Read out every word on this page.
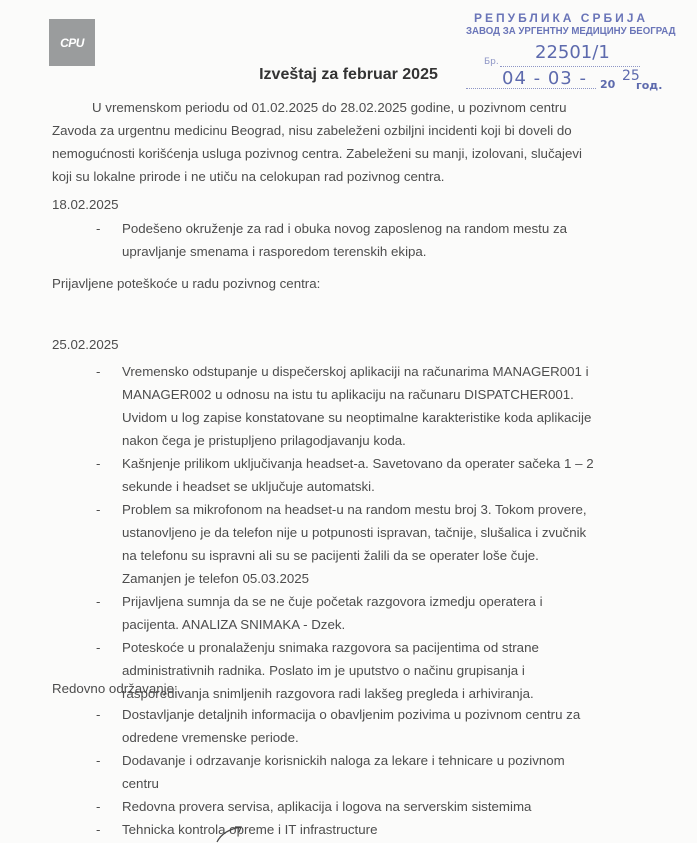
CPU
РЕПУБЛИКА СРБИЈА
ЗАВОД ЗА УРГЕНТНУ МЕДИЦИНУ БЕОГРАД
Бр. 22501/1
04 - 03 - 20
25
год.
Izveštaj za februar 2025

U vremenskom periodu od 01.02.2025 do 28.02.2025 godine, u pozivnom centru

Zavoda za urgentnu medicinu Beograd, nisu zabeleženi ozbiljni incidenti koji bi doveli do

nemogućnosti korišćenja usluga pozivnog centra. Zabeleženi su manji, izolovani, slučajevi

koji su lokalne prirode i ne utiču na celokupan rad pozivnog centra.

18.02.2025
- Podešeno okruženje za rad i obuka novog zaposlenog na random mestu za
upravljanje smenama i rasporedom terenskih ekipa.
Prijavljene poteškoće u radu pozivnog centra:
25.02.2025
- Vremensko odstupanje u dispečerskoj aplikaciji na računarima MANAGER001 i
MANAGER002 u odnosu na istu tu aplikaciju na računaru DISPATCHER001.
Uvidom u log zapise konstatovane su neoptimalne karakteristike koda aplikacije
nakon čega je pristupljeno prilagodjavanju koda.
- Kašnjenje prilikom uključivanja headset-a. Savetovano da operater sačeka 1 – 2
sekunde i headset se uključuje automatski.
- Problem sa mikrofonom na headset-u na random mestu broj 3. Tokom provere,
ustanovljeno je da telefon nije u potpunosti ispravan, tačnije, slušalica i zvučnik
na telefonu su ispravni ali su se pacijenti žalili da se operater loše čuje.
Zamanjen je telefon 05.03.2025
- Prijavljena sumnja da se ne čuje početak razgovora izmedju operatera i
pacijenta. ANALIZA SNIMAKA - Dzek.
- Poteskoće u pronalaženju snimaka razgovora sa pacijentima od strane
administrativnih radnika. Poslato im je uputstvo o načinu grupisanja i
rasporedivanja snimljenih razgovora radi lakšeg pregleda i arhiviranja.
Redovno održavanje:
- Dostavljanje detaljnih informacija o obavljenim pozivima u pozivnom centru za
odredene vremenske periode.
- Dodavanje i odrzavanje korisnickih naloga za lekare i tehnicare u pozivnom
centru
- Redovna provera servisa, aplikacija i logova na serverskim sistemima
- Tehnicka kontrola opreme i IT infrastructure
